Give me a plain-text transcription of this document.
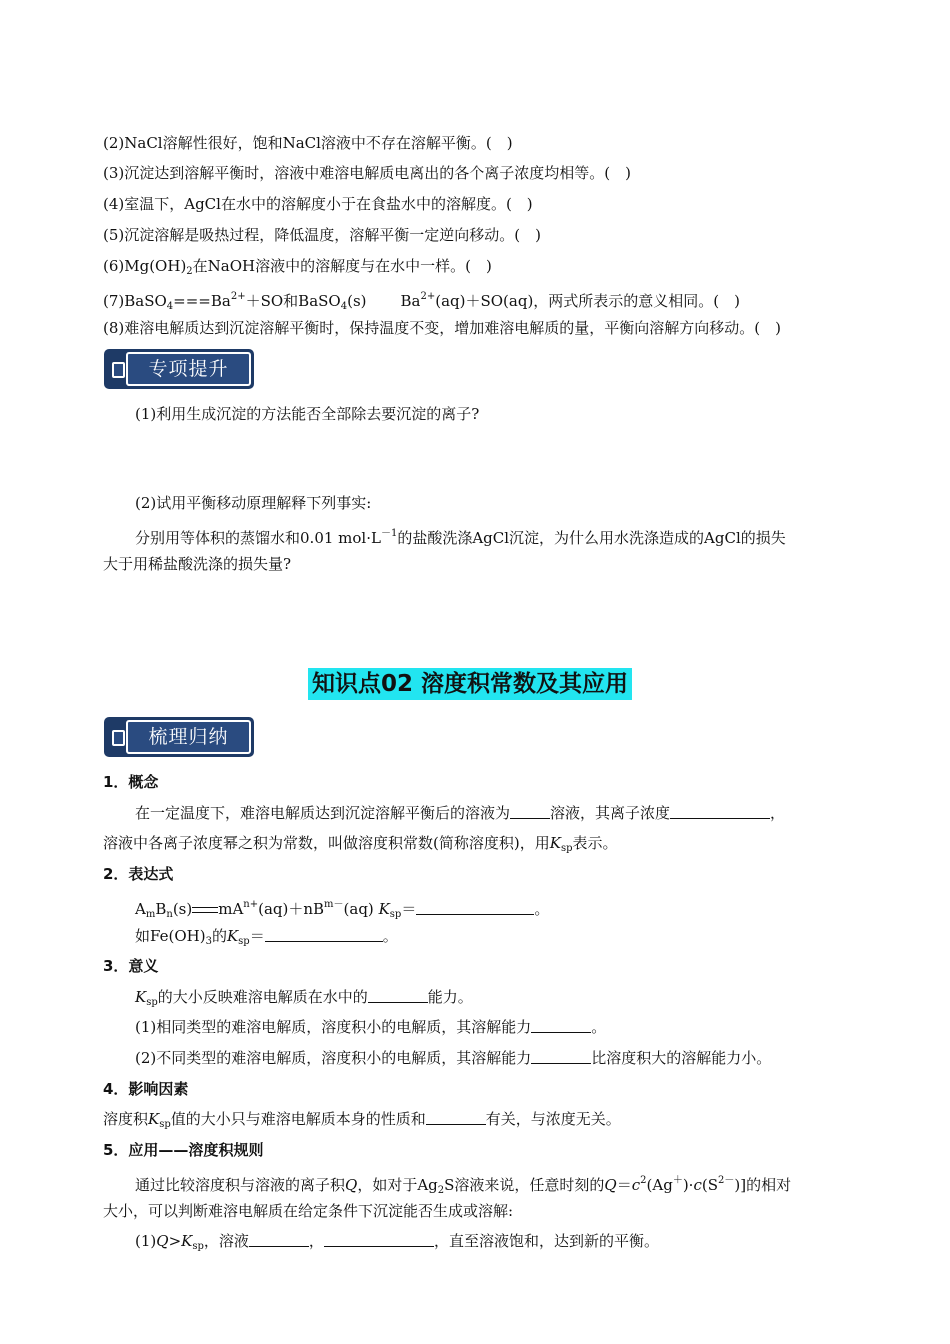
(2)NaCl溶解性很好，饱和NaCl溶液中不存在溶解平衡。(　)
(3)沉淀达到溶解平衡时，溶液中难溶电解质电离出的各个离子浓度均相等。(　)
(4)室温下，AgCl在水中的溶解度小于在食盐水中的溶解度。(　)
(5)沉淀溶解是吸热过程，降低温度，溶解平衡一定逆向移动。(　)
$(6)Mg(OH)_2$在NaOH溶液中的溶解度与在水中一样。(　)
$(7)BaSO_4===Ba^{2+}+SO$和BaSO$_4$(s) $Ba^{2+}(aq)+SO(aq)$，两式所表示的意义相同。(　)
(8)难溶电解质达到沉淀溶解平衡时，保持温度不变，增加难溶电解质的量，平衡向溶解方向移动。(　)
专项提升
(1)利用生成沉淀的方法能否全部除去要沉淀的离子?
(2)试用平衡移动原理解释下列事实:
分别用等体积的蒸馏水和0.01 $mol\cdot L^{-1}$的盐酸洗涤AgCl沉淀，为什么用水洗涤造成的AgCl的损失
大于用稀盐酸洗涤的损失量?
知识点02 溶度积常数及其应用
梳理归纳
1．概念
在一定温度下，难溶电解质达到沉淀溶解平衡后的溶液为	溶液，其离子浓度	，
溶液中各离子浓度幂之积为常数，叫做溶度积常数(简称溶度积)，用$K_{sp}$表示。
2．表达式
$A_mB_n(s)$ $mA^{n+}(aq)+nB^{m-}(aq)$ $K_{sp}=$	。
如$Fe(OH)_3$的$K_{sp}=$	。
3．意义
$K_{sp}$的大小反映难溶电解质在水中的	能力。
(1)相同类型的难溶电解质，溶度积小的电解质，其溶解能力	。
(2)不同类型的难溶电解质，溶度积小的电解质，其溶解能力	比溶度积大的溶解能力小。
4．影响因素
溶度积$K_{sp}$值的大小只与难溶电解质本身的性质和	有关，与浓度无关。
5．应用——溶度积规则
通过比较溶度积与溶液的离子积Q，如对于$Ag_2S$溶液来说，任意时刻的$Q=c^2(Ag^+)\cdot c(S^{2-})$]的相对
大小，可以判断难溶电解质在给定条件下沉淀能否生成或溶解:
$(1)Q>K_{sp}$，溶液	，	，直至溶液饱和，达到新的平衡。
